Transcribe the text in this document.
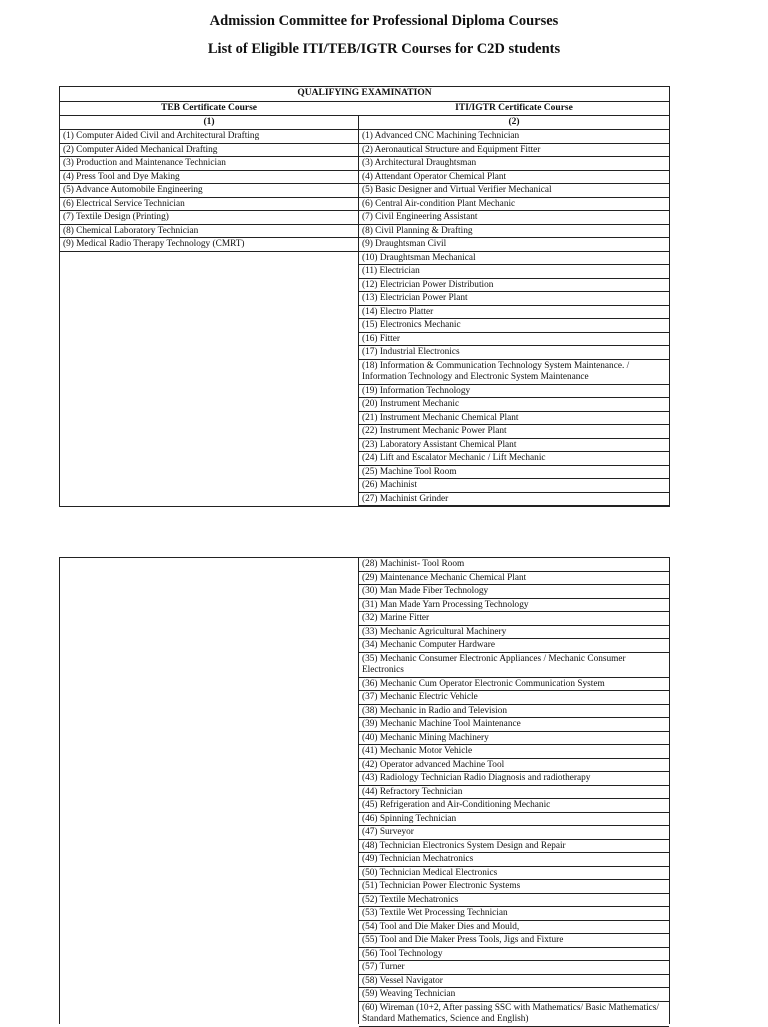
Admission Committee for Professional Diploma Courses
List of Eligible ITI/TEB/IGTR Courses for C2D students
QUALIFYING EXAMINATION
TEB Certificate Course
(1)
(1) Computer Aided Civil and Architectural Drafting
(2) Computer Aided Mechanical Drafting
(3) Production and Maintenance Technician
(4) Press Tool and Dye Making
(5) Advance Automobile Engineering
(6) Electrical Service Technician
(7) Textile Design (Printing)
(8) Chemical Laboratory Technician
(9) Medical Radio Therapy Technology (CMRT)
ITI/IGTR Certificate Course
(2)
(1) Advanced CNC Machining Technician
(2) Aeronautical Structure and Equipment Fitter
(3) Architectural Draughtsman
(4) Attendant Operator Chemical Plant
(5) Basic Designer and Virtual Verifier Mechanical
(6) Central Air-condition Plant Mechanic
(7) Civil Engineering Assistant
(8) Civil Planning & Drafting
(9) Draughtsman Civil
(10) Draughtsman Mechanical
(11) Electrician
(12) Electrician Power Distribution
(13) Electrician Power Plant
(14) Electro Platter
(15) Electronics Mechanic
(16) Fitter
(17) Industrial Electronics
(18) Information & Communication Technology System Maintenance. / Information Technology and Electronic System Maintenance
(19) Information Technology
(20) Instrument Mechanic
(21) Instrument Mechanic Chemical Plant
(22) Instrument Mechanic Power Plant
(23) Laboratory Assistant Chemical Plant
(24) Lift and Escalator Mechanic / Lift Mechanic
(25) Machine Tool Room
(26) Machinist
(27) Machinist Grinder
(28) Machinist- Tool Room
(29) Maintenance Mechanic Chemical Plant
(30) Man Made Fiber Technology
(31) Man Made Yarn Processing Technology
(32) Marine Fitter
(33) Mechanic Agricultural Machinery
(34) Mechanic Computer Hardware
(35) Mechanic Consumer Electronic Appliances / Mechanic Consumer Electronics
(36) Mechanic Cum Operator Electronic Communication System
(37) Mechanic Electric Vehicle
(38) Mechanic in Radio and Television
(39) Mechanic Machine Tool Maintenance
(40) Mechanic Mining Machinery
(41) Mechanic Motor Vehicle
(42) Operator advanced Machine Tool
(43) Radiology Technician Radio Diagnosis and radiotherapy
(44) Refractory Technician
(45) Refrigeration and Air-Conditioning Mechanic
(46) Spinning Technician
(47) Surveyor
(48) Technician Electronics System Design and Repair
(49) Technician Mechatronics
(50) Technician Medical Electronics
(51) Technician Power Electronic Systems
(52) Textile Mechatronics
(53) Textile Wet Processing Technician
(54) Tool and Die Maker Dies and Mould,
(55) Tool and Die Maker Press Tools, Jigs and Fixture
(56) Tool Technology
(57) Turner
(58) Vessel Navigator
(59) Weaving Technician
(60) Wireman (10+2, After passing SSC with Mathematics/ Basic Mathematics/ Standard Mathematics, Science and English)
